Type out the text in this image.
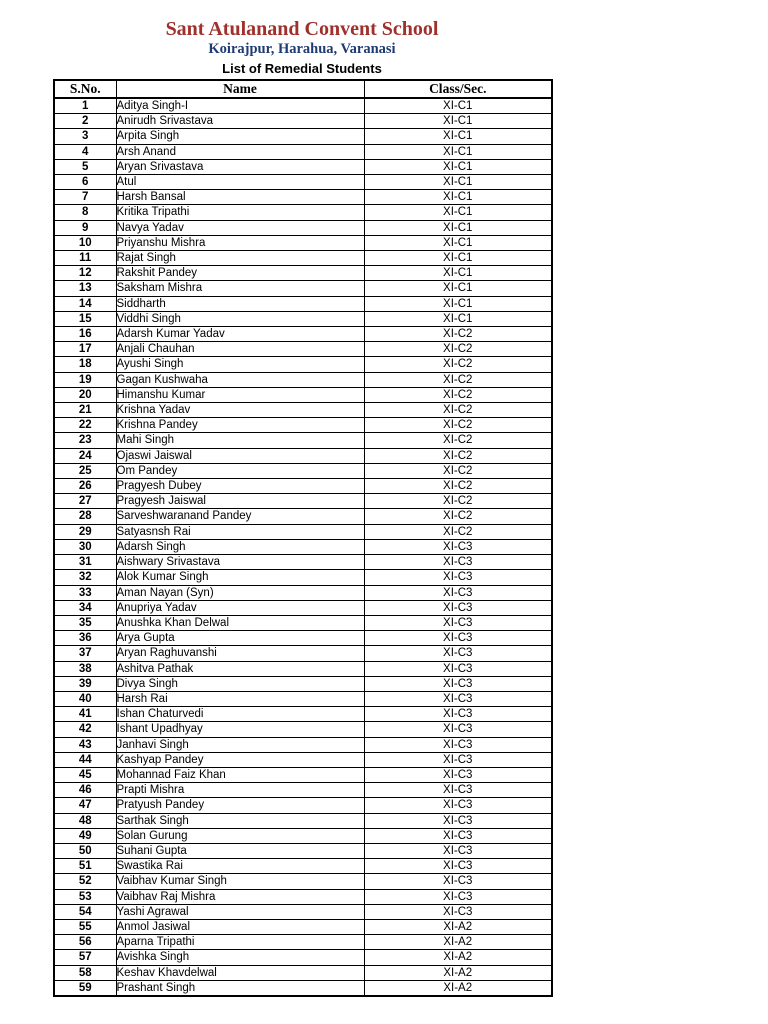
Sant Atulanand Convent School
Koirajpur, Harahua, Varanasi
List of Remedial Students
S.No.	Name	Class/Sec.
1	Aditya Singh-I	XI-C1
2	Anirudh Srivastava	XI-C1
3	Arpita Singh	XI-C1
4	Arsh Anand	XI-C1
5	Aryan Srivastava	XI-C1
6	Atul	XI-C1
7	Harsh Bansal	XI-C1
8	Kritika Tripathi	XI-C1
9	Navya Yadav	XI-C1
10	Priyanshu Mishra	XI-C1
11	Rajat Singh	XI-C1
12	Rakshit Pandey	XI-C1
13	Saksham Mishra	XI-C1
14	Siddharth	XI-C1
15	Viddhi Singh	XI-C1
16	Adarsh Kumar Yadav	XI-C2
17	Anjali Chauhan	XI-C2
18	Ayushi Singh	XI-C2
19	Gagan Kushwaha	XI-C2
20	Himanshu Kumar	XI-C2
21	Krishna Yadav	XI-C2
22	Krishna Pandey	XI-C2
23	Mahi Singh	XI-C2
24	Ojaswi Jaiswal	XI-C2
25	Om Pandey	XI-C2
26	Pragyesh Dubey	XI-C2
27	Pragyesh Jaiswal	XI-C2
28	Sarveshwaranand Pandey	XI-C2
29	Satyasnsh Rai	XI-C2
30	Adarsh Singh	XI-C3
31	Aishwary Srivastava	XI-C3
32	Alok Kumar Singh	XI-C3
33	Aman Nayan (Syn)	XI-C3
34	Anupriya Yadav	XI-C3
35	Anushka Khan Delwal	XI-C3
36	Arya Gupta	XI-C3
37	Aryan Raghuvanshi	XI-C3
38	Ashitva Pathak	XI-C3
39	Divya Singh	XI-C3
40	Harsh Rai	XI-C3
41	Ishan Chaturvedi	XI-C3
42	Ishant Upadhyay	XI-C3
43	Janhavi Singh	XI-C3
44	Kashyap Pandey	XI-C3
45	Mohannad Faiz Khan	XI-C3
46	Prapti Mishra	XI-C3
47	Pratyush Pandey	XI-C3
48	Sarthak Singh	XI-C3
49	Solan Gurung	XI-C3
50	Suhani Gupta	XI-C3
51	Swastika Rai	XI-C3
52	Vaibhav Kumar Singh	XI-C3
53	Vaibhav Raj Mishra	XI-C3
54	Yashi Agrawal	XI-C3
55	Anmol Jasiwal	XI-A2
56	Aparna Tripathi	XI-A2
57	Avishka Singh	XI-A2
58	Keshav Khavdelwal	XI-A2
59	Prashant Singh	XI-A2
